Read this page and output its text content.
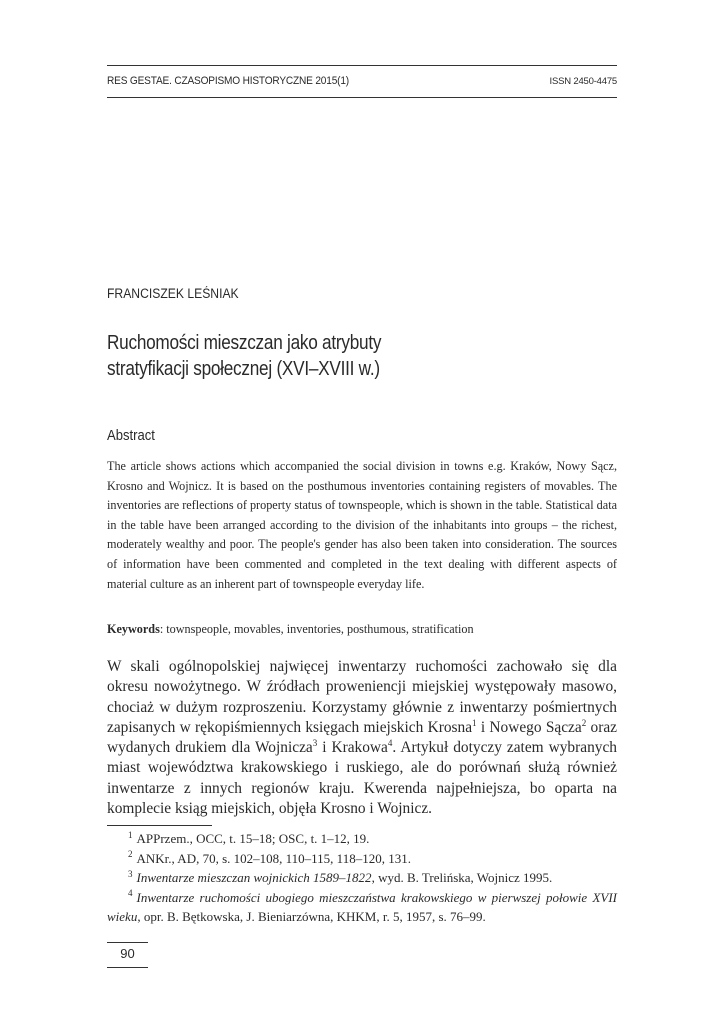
RES GESTAE. CZASOPISMO HISTORYCZNE 2015(1)	ISSN 2450-4475
FRANCISZEK LEŚNIAK
Ruchomości mieszczan jako atrybuty
stratyfikacji społecznej (XVI–XVIII w.)
Abstract
The article shows actions which accompanied the social division in towns e.g. Kraków, Nowy Sącz, Krosno and Wojnicz. It is based on the posthumous inventories containing registers of movables. The inventories are reflections of property status of townspeople, which is shown in the table. Statistical data in the table have been arranged according to the division of the inhabitants into groups – the richest, moderately wealthy and poor. The people's gender has also been taken into consideration. The sources of information have been commented and completed in the text dealing with different aspects of material culture as an inherent part of townspeople everyday life.
Keywords: townspeople, movables, inventories, posthumous, stratification
W skali ogólnopolskiej najwięcej inwentarzy ruchomości zachowało się dla okresu nowożytnego. W źródłach proweniencji miejskiej występowały masowo, chociaż w dużym rozproszeniu. Korzystamy głównie z inwentarzy pośmiertnych zapisanych w rękopiśmiennych księgach miejskich Krosna$^1$ i Nowego Sącza$^2$ oraz wydanych drukiem dla Wojnicza$^3$ i Krakowa$^4$. Artykuł dotyczy zatem wybranych miast województwa krakowskiego i ruskiego, ale do porównań służą również inwentarze z innych regionów kraju. Kwerenda najpełniejsza, bo oparta na komplecie ksiąg miejskich, objęła Krosno i Wojnicz.
$^1$ APPrzem., OCC, t. 15–18; OSC, t. 1–12, 19.
$^2$ ANKr., AD, 70, s. 102–108, 110–115, 118–120, 131.
$^3$ Inwentarze mieszczan wojnickich 1589–1822, wyd. B. Trelińska, Wojnicz 1995.
$^4$ Inwentarze ruchomości ubogiego mieszczaństwa krakowskiego w pierwszej połowie XVII wieku, opr. B. Bętkowska, J. Bieniarzówna, KHKM, r. 5, 1957, s. 76–99.
90
